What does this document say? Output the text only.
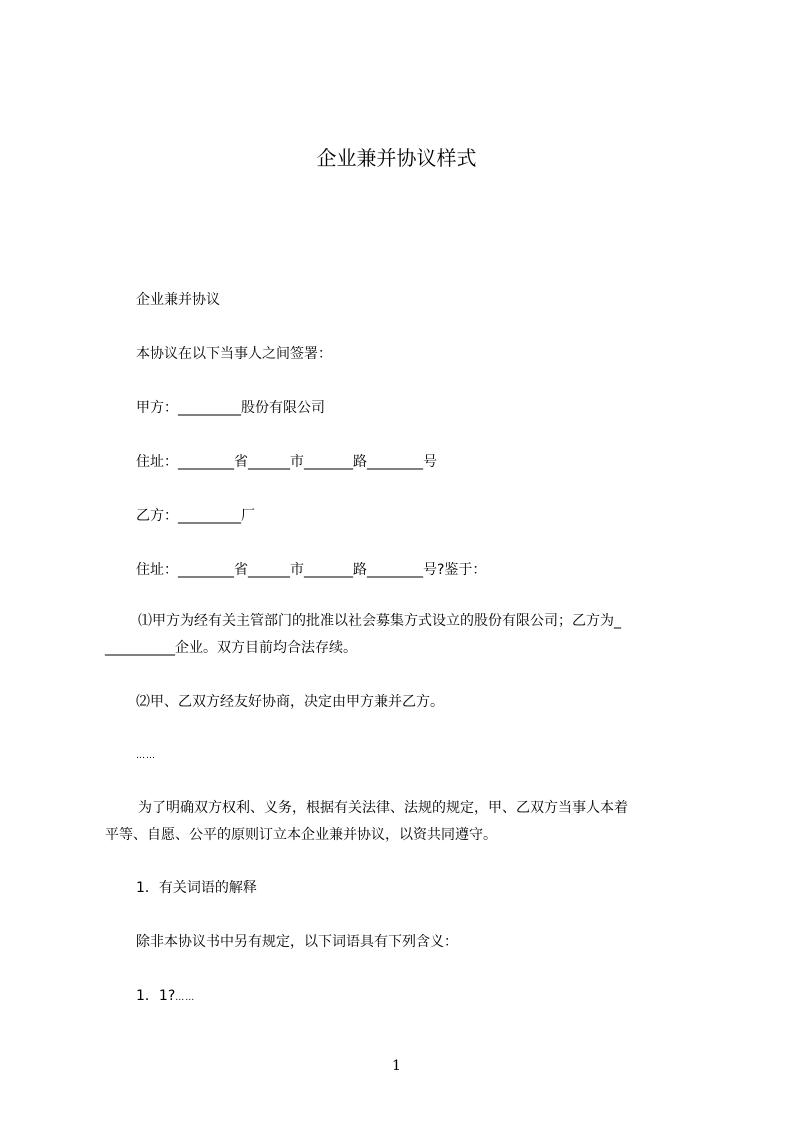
企业兼并协议样式
企业兼并协议
本协议在以下当事人之间签署：
甲方：_________股份有限公司
住址：________省______市_______路________号
乙方：_________厂
住址：________省______市_______路________号?鉴于：
⑴甲方为经有关主管部门的批准以社会募集方式设立的股份有限公司；乙方为_
__________企业。双方目前均合法存续。
⑵甲、乙双方经友好协商，决定由甲方兼并乙方。
……
为了明确双方权利、义务，根据有关法律、法规的规定，甲、乙双方当事人本着
平等、自愿、公平的原则订立本企业兼并协议，以资共同遵守。
1．有关词语的解释
除非本协议书中另有规定，以下词语具有下列含义：
1．1?……
1
